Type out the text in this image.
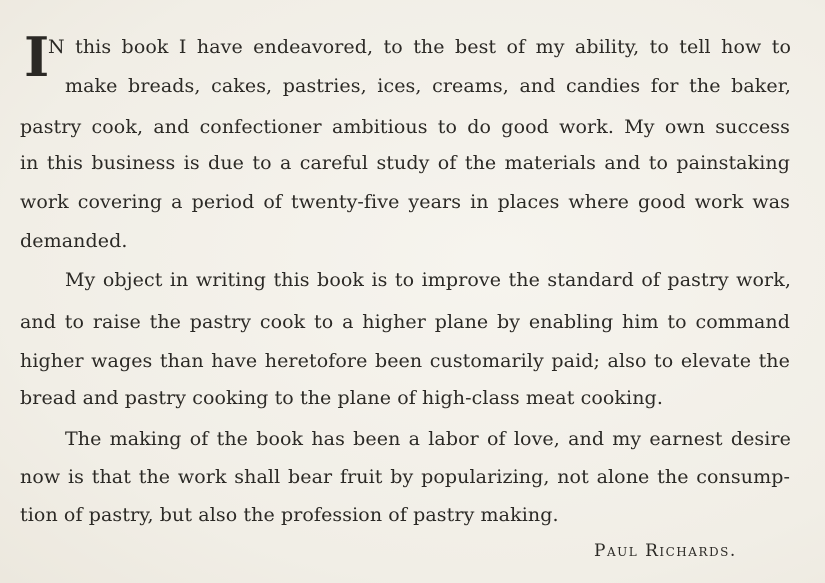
I

N this book I have endeavored, to the best of my ability, to tell how to

make breads, cakes, pastries, ices, creams, and candies for the baker,

pastry cook, and confectioner ambitious to do good work. My own success

in this business is due to a careful study of the materials and to painstaking

work covering a period of twenty-five years in places where good work was

demanded.

My object in writing this book is to improve the standard of pastry work,

and to raise the pastry cook to a higher plane by enabling him to command

higher wages than have heretofore been customarily paid; also to elevate the

bread and pastry cooking to the plane of high-class meat cooking.

The making of the book has been a labor of love, and my earnest desire

now is that the work shall bear fruit by popularizing, not alone the consump-

tion of pastry, but also the profession of pastry making.

Paul Richards.
